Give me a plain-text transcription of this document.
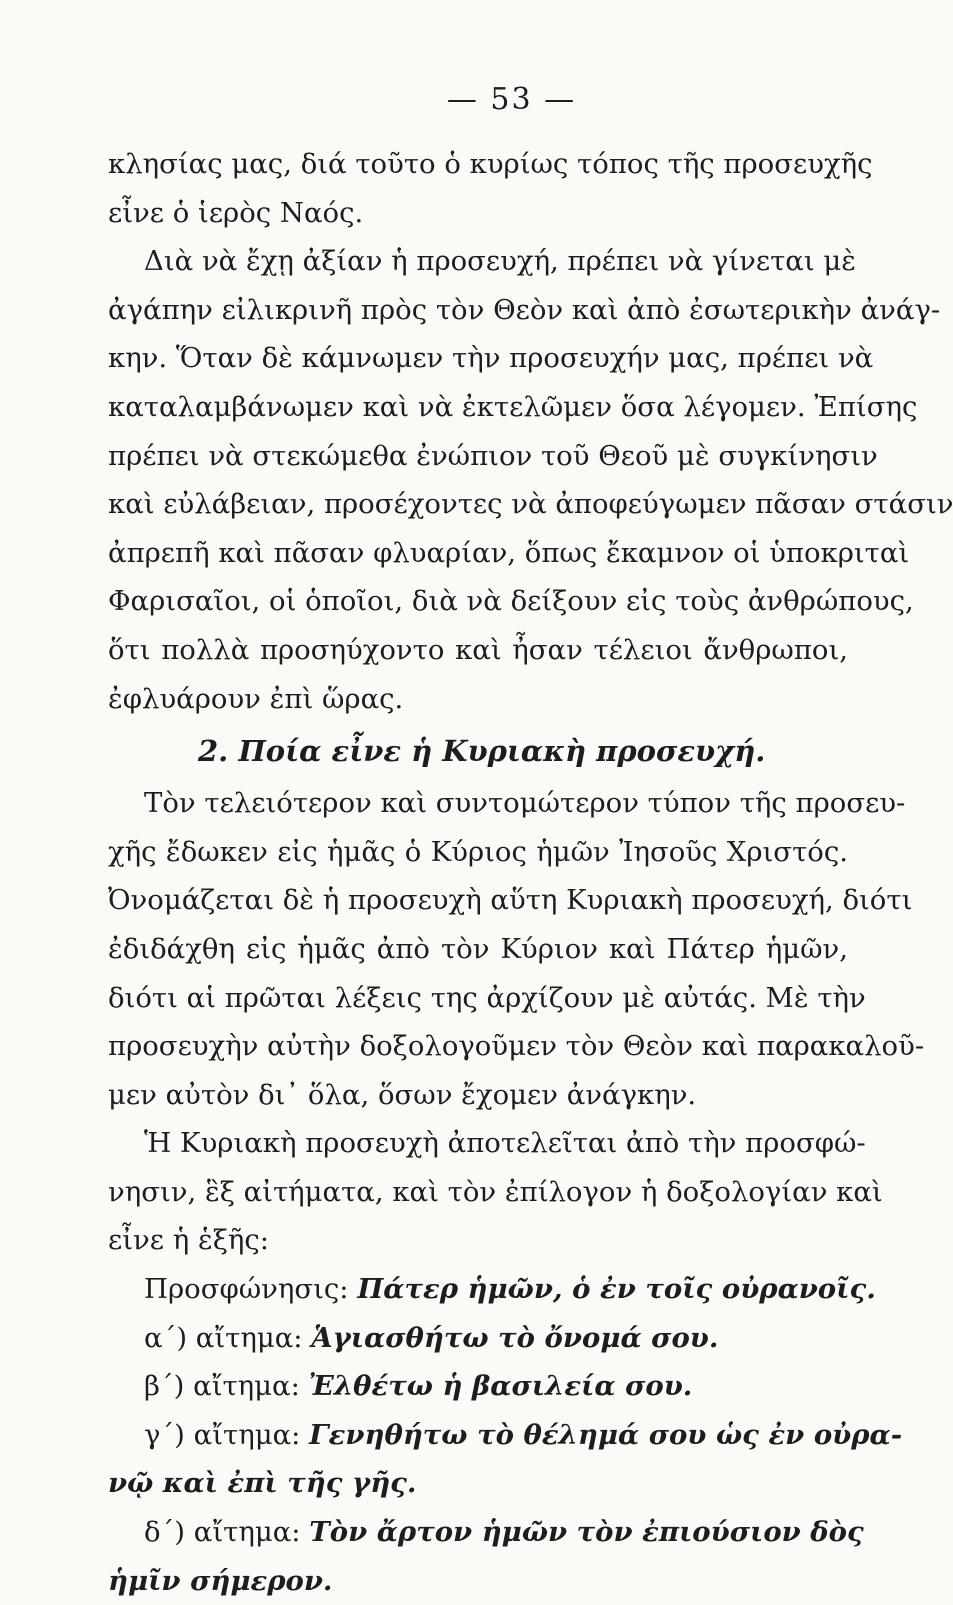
— 53 —
κλησίας μας, διά τοῦτο ὁ κυρίως τόπος τῆς προσευχῆς
εἶνε ὁ ἱερὸς Ναός.
Διὰ νὰ ἔχῃ ἀξίαν ἡ προσευχή, πρέπει νὰ γίνεται μὲ
ἀγάπην εἰλικρινῆ πρὸς τὸν Θεὸν καὶ ἀπὸ ἐσωτερικὴν ἀνάγ-
κην. Ὅταν δὲ κάμνωμεν τὴν προσευχήν μας, πρέπει νὰ
καταλαμβάνωμεν καὶ νὰ ἐκτελῶμεν ὅσα λέγομεν. Ἐπίσης
πρέπει νὰ στεκώμεθα ἐνώπιον τοῦ Θεοῦ μὲ συγκίνησιν
καὶ εὐλάβειαν, προσέχοντες νὰ ἀποφεύγωμεν πᾶσαν στάσιν
ἀπρεπῆ καὶ πᾶσαν φλυαρίαν, ὅπως ἔκαμνον οἱ ὑποκριταὶ
Φαρισαῖοι, οἱ ὁποῖοι, διὰ νὰ δείξουν εἰς τοὺς ἀνθρώπους,
ὅτι πολλὰ προσηύχοντο καὶ ἦσαν τέλειοι ἄνθρωποι,
ἐφλυάρουν ἐπὶ ὥρας.
2. Ποία εἶνε ἡ Κυριακὴ προσευχή.
Τὸν τελειότερον καὶ συντομώτερον τύπον τῆς προσευ-
χῆς ἔδωκεν εἰς ἡμᾶς ὁ Κύριος ἡμῶν Ἰησοῦς Χριστός.
Ὀνομάζεται δὲ ἡ προσευχὴ αὕτη Κυριακὴ προσευχή, διότι
ἐδιδάχθη εἰς ἡμᾶς ἀπὸ τὸν Κύριον καὶ Πάτερ ἡμῶν,
διότι αἱ πρῶται λέξεις της ἀρχίζουν μὲ αὐτάς. Μὲ τὴν
προσευχὴν αὐτὴν δοξολογοῦμεν τὸν Θεὸν καὶ παρακαλοῦ-
μεν αὐτὸν δι᾽ ὅλα, ὅσων ἔχομεν ἀνάγκην.
Ἡ Κυριακὴ προσευχὴ ἀποτελεῖται ἀπὸ τὴν προσφώ-
νησιν, ἓξ αἰτήματα, καὶ τὸν ἐπίλογον ἡ δοξολογίαν καὶ
εἶνε ἡ ἑξῆς:
Προσφώνησις: Πάτερ ἡμῶν, ὁ ἐν τοῖς οὐρανοῖς.
α΄) αἴτημα: Ἁγιασθήτω τὸ ὄνομά σου.
β΄) αἴτημα: Ἐλθέτω ἡ βασιλεία σου.
γ΄) αἴτημα: Γενηθήτω τὸ θέλημά σου ὡς ἐν οὐρα-
νῷ καὶ ἐπὶ τῆς γῆς.
δ΄) αἴτημα: Τὸν ἄρτον ἡμῶν τὸν ἐπιούσιον δὸς
ἡμῖν σήμερον.
